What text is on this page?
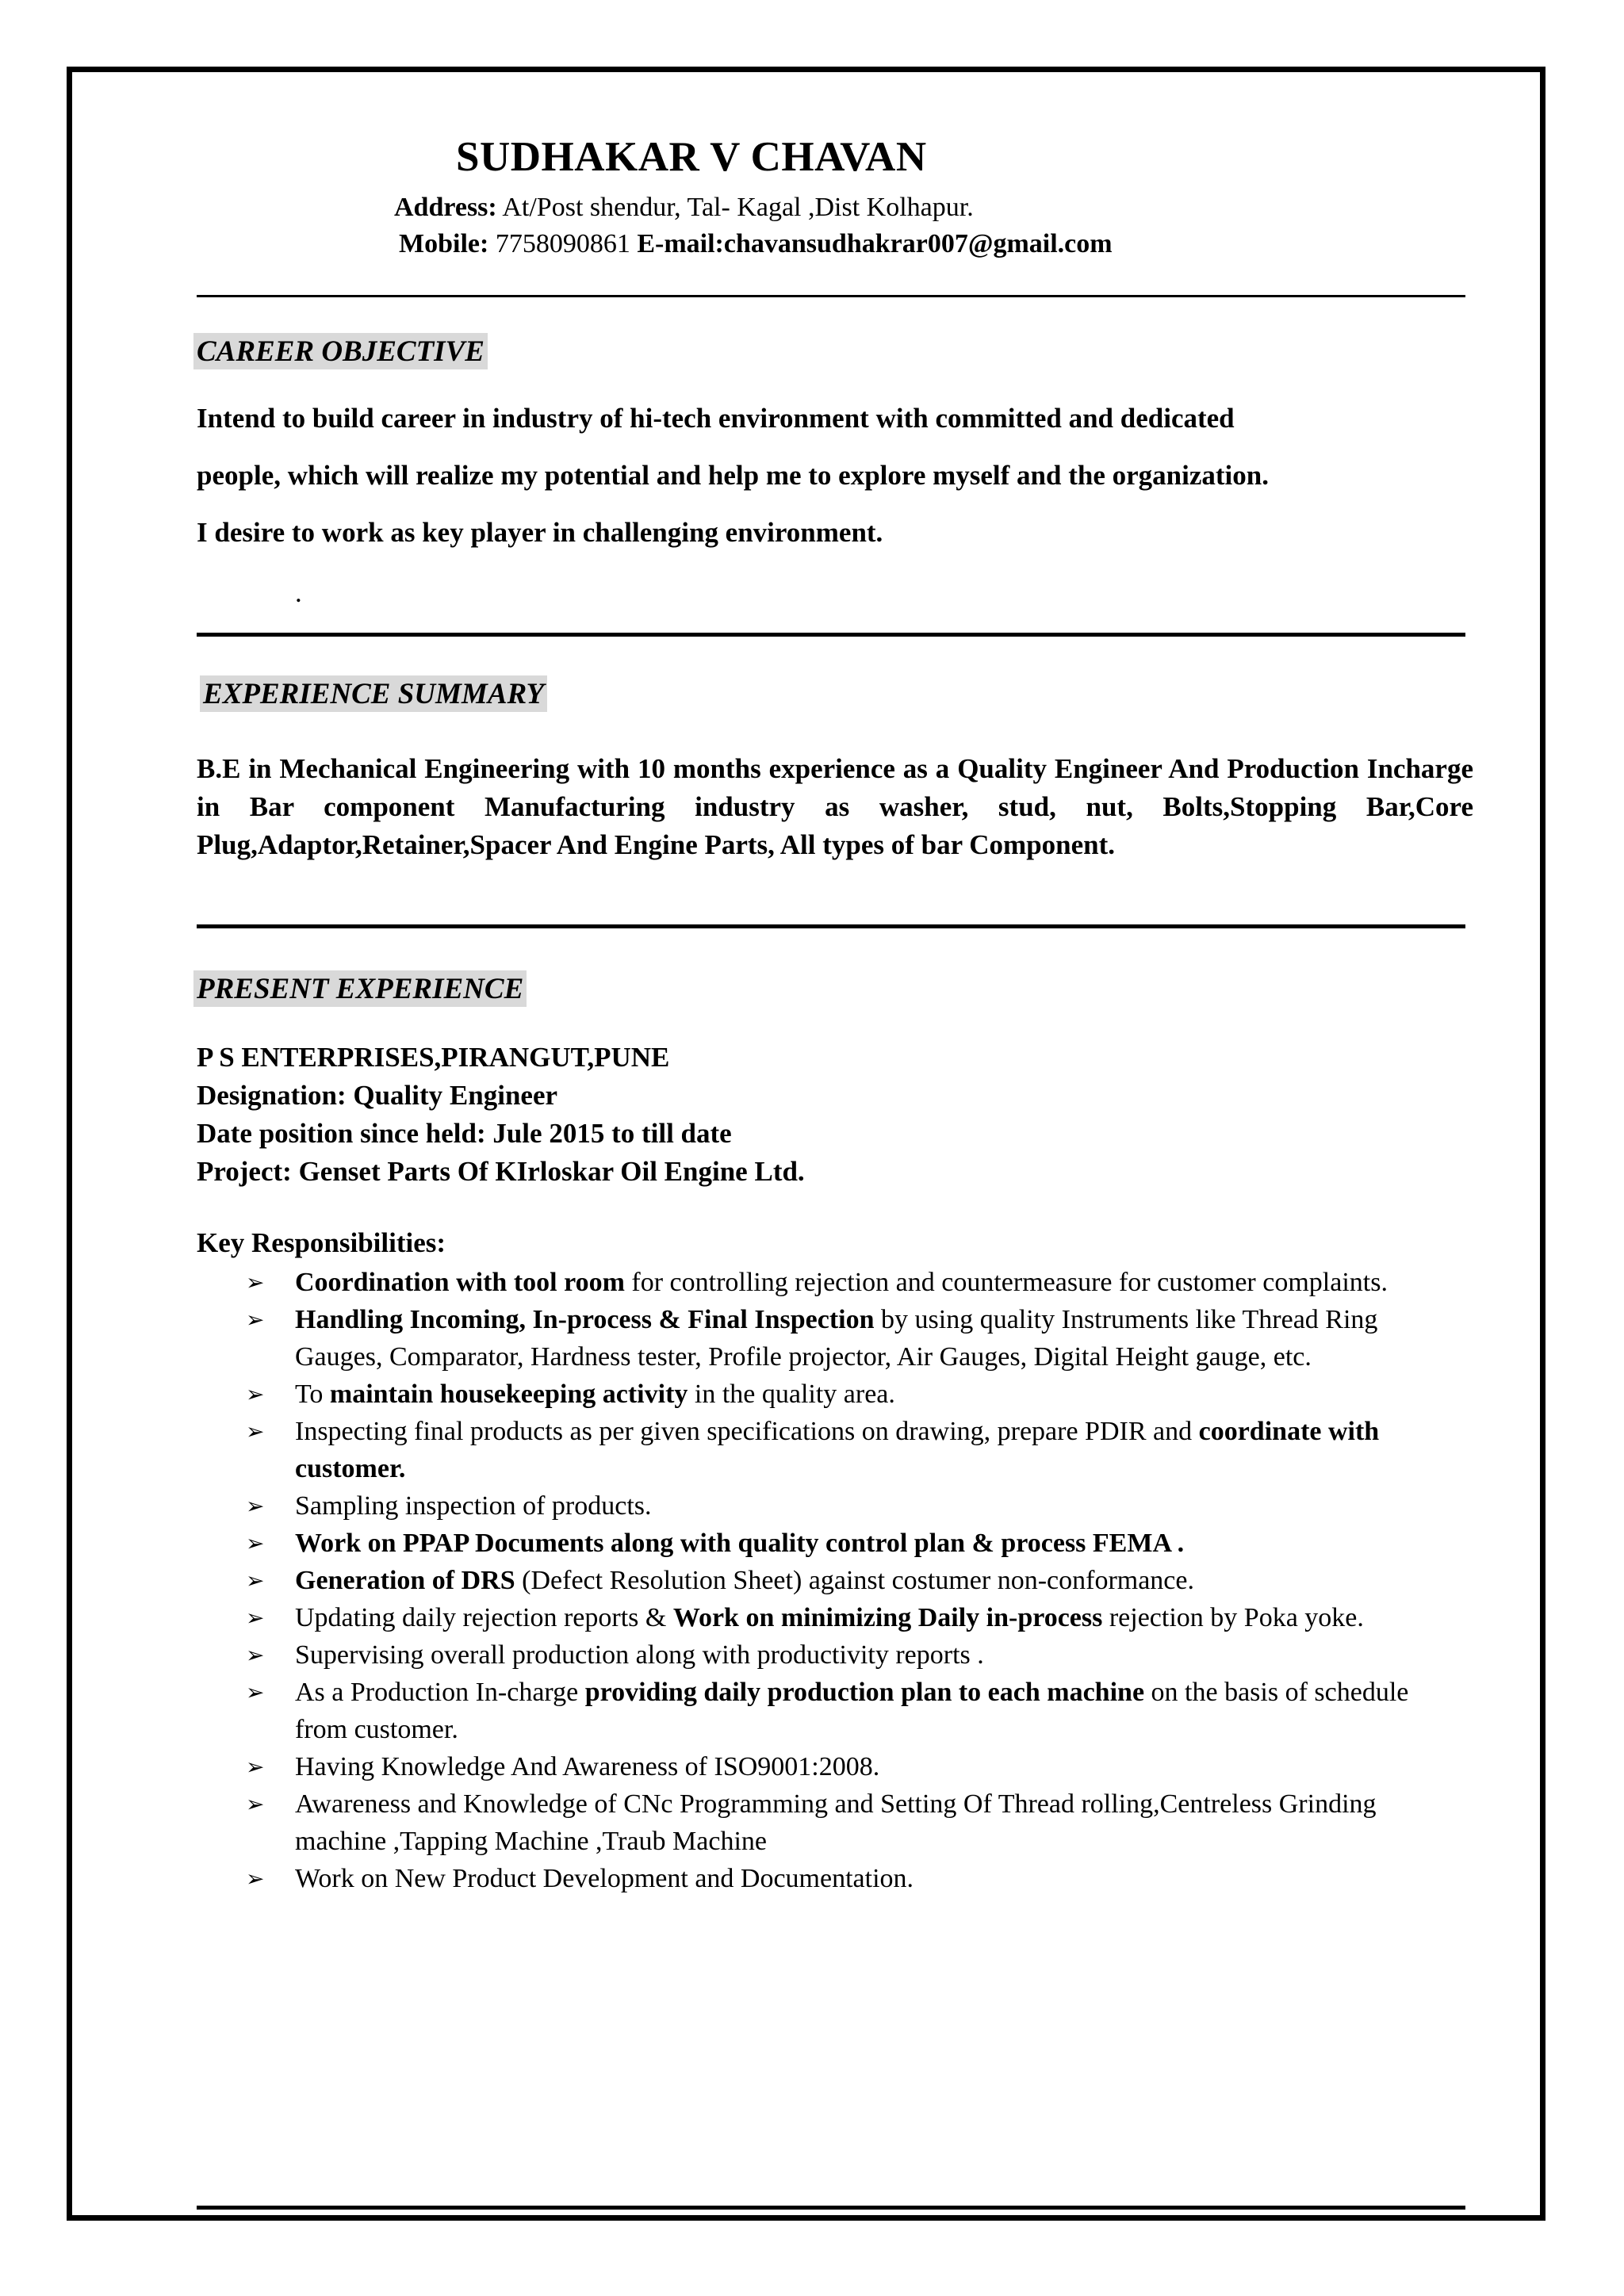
SUDHAKAR V CHAVAN
Address: At/Post shendur, Tal- Kagal ,Dist Kolhapur.
Mobile: 7758090861 E-mail:chavansudhakrar007@gmail.com
CAREER OBJECTIVE
Intend to build career in industry of hi-tech environment with committed and dedicated
people, which will realize my potential and help me to explore myself and the organization.
I desire to work as key player in challenging environment.
.
EXPERIENCE SUMMARY
B.E in Mechanical Engineering with 10 months experience as a Quality Engineer And Production Incharge in Bar component Manufacturing industry as washer, stud, nut, Bolts,Stopping Bar,Core Plug,Adaptor,Retainer,Spacer And Engine Parts, All types of bar Component.
PRESENT EXPERIENCE
P S ENTERPRISES,PIRANGUT,PUNE
Designation: Quality Engineer
Date position since held: Jule 2015 to till date
Project: Genset Parts Of KIrloskar Oil Engine Ltd.
Key Responsibilities:
➢ Coordination with tool room for controlling rejection and countermeasure for customer complaints.
➢ Handling Incoming, In-process & Final Inspection by using quality Instruments like Thread Ring Gauges, Comparator, Hardness tester, Profile projector, Air Gauges, Digital Height gauge, etc.
➢ To maintain housekeeping activity in the quality area.
➢ Inspecting final products as per given specifications on drawing, prepare PDIR and coordinate with customer.
➢ Sampling inspection of products.
➢ Work on PPAP Documents along with quality control plan & process FEMA .
➢ Generation of DRS (Defect Resolution Sheet) against costumer non-conformance.
➢ Updating daily rejection reports & Work on minimizing Daily in-process rejection by Poka yoke.
➢ Supervising overall production along with productivity reports .
➢ As a Production In-charge providing daily production plan to each machine on the basis of schedule from customer.
➢ Having Knowledge And Awareness of ISO9001:2008.
➢ Awareness and Knowledge of CNc Programming and Setting Of Thread rolling,Centreless Grinding machine ,Tapping Machine ,Traub Machine
➢ Work on New Product Development and Documentation.
